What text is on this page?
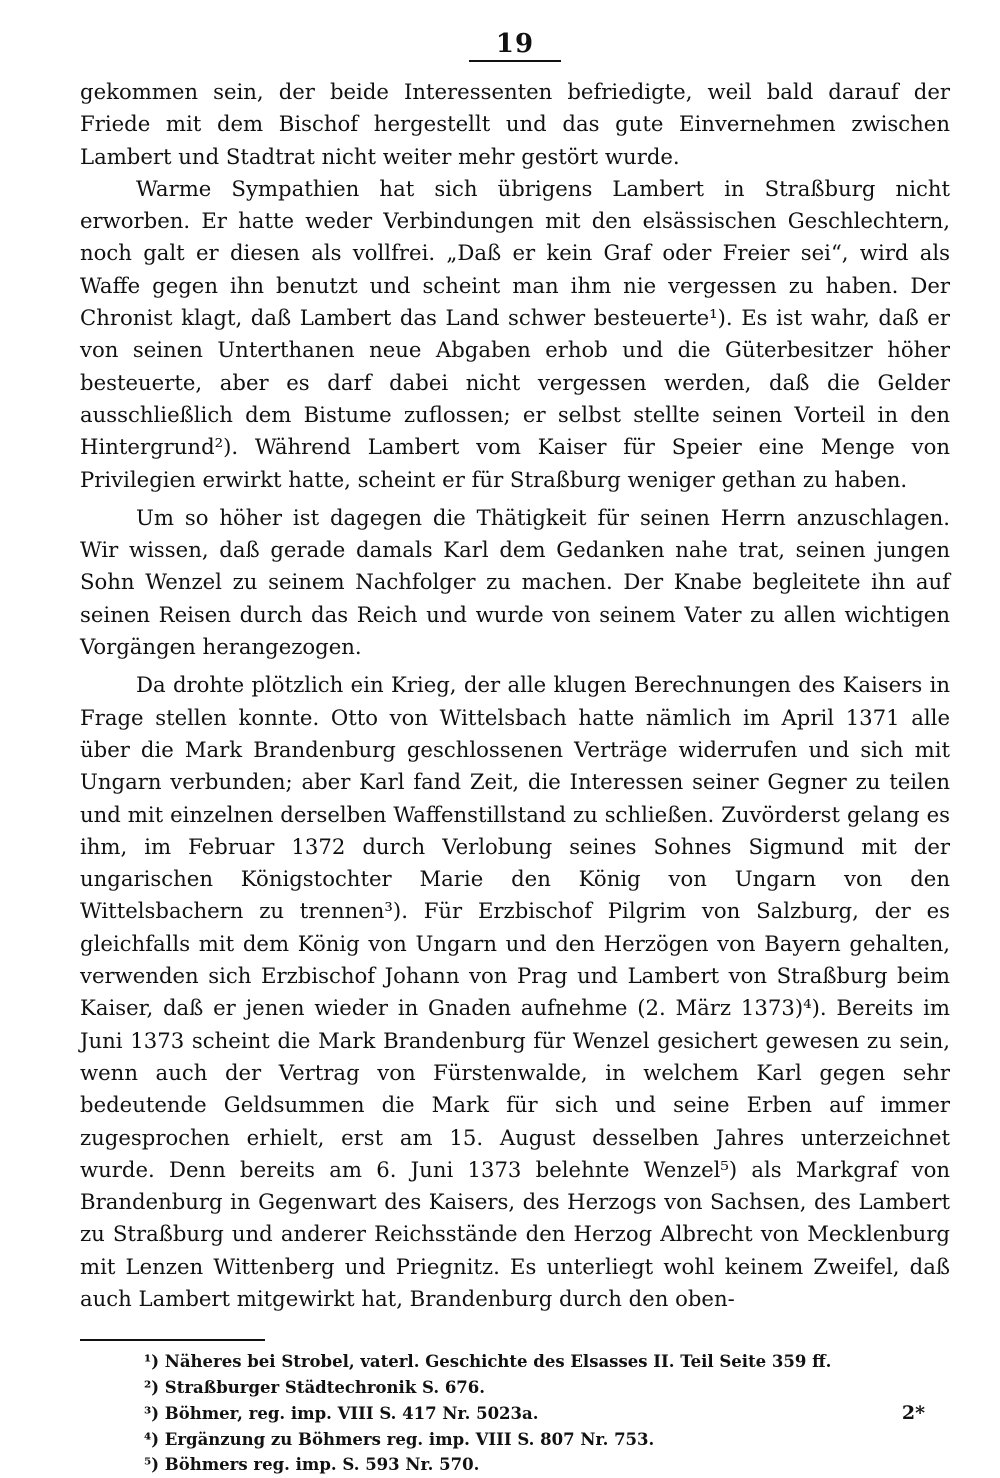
19

gekommen sein, der beide Interessenten befriedigte, weil bald darauf der Friede mit dem Bischof hergestellt und das gute Einvernehmen zwischen Lambert und Stadtrat nicht weiter mehr gestört wurde.

Warme Sympathien hat sich übrigens Lambert in Straßburg nicht erworben. Er hatte weder Verbindungen mit den elsässischen Geschlechtern, noch galt er diesen als vollfrei. „Daß er kein Graf oder Freier sei“, wird als Waffe gegen ihn benutzt und scheint man ihm nie vergessen zu haben. Der Chronist klagt, daß Lambert das Land schwer besteuerte¹). Es ist wahr, daß er von seinen Unterthanen neue Abgaben erhob und die Güterbesitzer höher besteuerte, aber es darf dabei nicht vergessen werden, daß die Gelder ausschließlich dem Bistume zuflossen; er selbst stellte seinen Vorteil in den Hintergrund²). Während Lambert vom Kaiser für Speier eine Menge von Privilegien erwirkt hatte, scheint er für Straßburg weniger gethan zu haben.

Um so höher ist dagegen die Thätigkeit für seinen Herrn anzuschlagen. Wir wissen, daß gerade damals Karl dem Gedanken nahe trat, seinen jungen Sohn Wenzel zu seinem Nachfolger zu machen. Der Knabe begleitete ihn auf seinen Reisen durch das Reich und wurde von seinem Vater zu allen wichtigen Vorgängen herangezogen.

Da drohte plötzlich ein Krieg, der alle klugen Berechnungen des Kaisers in Frage stellen konnte. Otto von Wittelsbach hatte nämlich im April 1371 alle über die Mark Brandenburg geschlossenen Verträge widerrufen und sich mit Ungarn verbunden; aber Karl fand Zeit, die Interessen seiner Gegner zu teilen und mit einzelnen derselben Waffenstillstand zu schließen. Zuvörderst gelang es ihm, im Februar 1372 durch Verlobung seines Sohnes Sigmund mit der ungarischen Königstochter Marie den König von Ungarn von den Wittelsbachern zu trennen³). Für Erzbischof Pilgrim von Salzburg, der es gleichfalls mit dem König von Ungarn und den Herzögen von Bayern gehalten, verwenden sich Erzbischof Johann von Prag und Lambert von Straßburg beim Kaiser, daß er jenen wieder in Gnaden aufnehme (2. März 1373)⁴). Bereits im Juni 1373 scheint die Mark Brandenburg für Wenzel gesichert gewesen zu sein, wenn auch der Vertrag von Fürstenwalde, in welchem Karl gegen sehr bedeutende Geldsummen die Mark für sich und seine Erben auf immer zugesprochen erhielt, erst am 15. August desselben Jahres unterzeichnet wurde. Denn bereits am 6. Juni 1373 belehnte Wenzel⁵) als Markgraf von Brandenburg in Gegenwart des Kaisers, des Herzogs von Sachsen, des Lambert zu Straßburg und anderer Reichsstände den Herzog Albrecht von Mecklenburg mit Lenzen Wittenberg und Priegnitz. Es unterliegt wohl keinem Zweifel, daß auch Lambert mitgewirkt hat, Brandenburg durch den oben-

¹) Näheres bei Strobel, vaterl. Geschichte des Elsasses II. Teil Seite 359 ff.

²) Straßburger Städtechronik S. 676.

³) Böhmer, reg. imp. VIII S. 417 Nr. 5023a.

⁴) Ergänzung zu Böhmers reg. imp. VIII S. 807 Nr. 753.

⁵) Böhmers reg. imp. S. 593 Nr. 570.

2*
